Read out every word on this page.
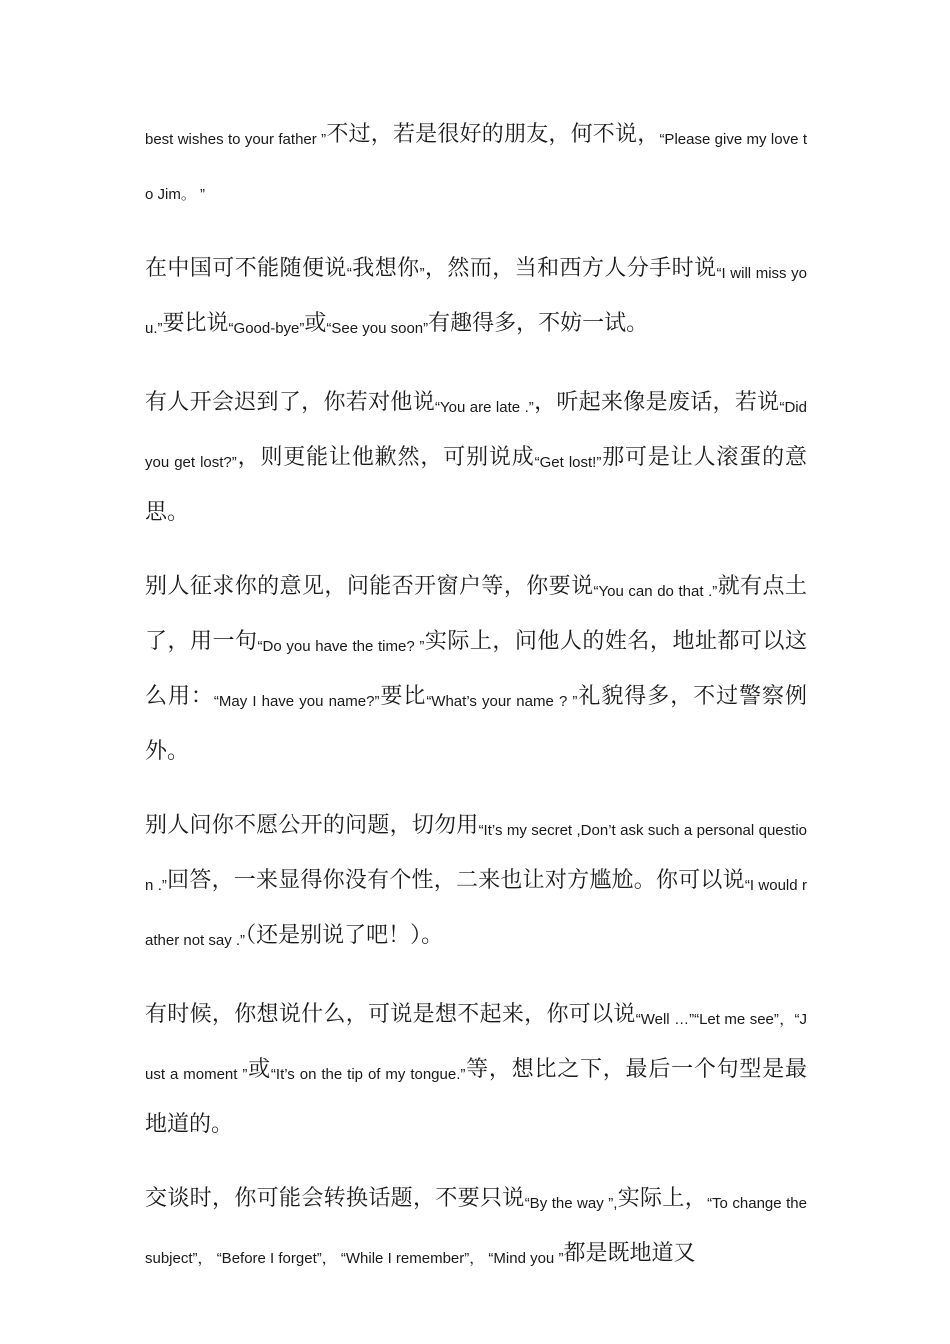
best wishes to your father ”不过，若是很好的朋友，何不说，“Please give my love to Jim。 ”

在中国可不能随便说“我想你”，然而，当和西方人分手时说“I will miss you.”要比说“Good-bye”或“See you soon”有趣得多，不妨一试。

有人开会迟到了，你若对他说“You are late .”，听起来像是废话，若说“Did you get lost?”，则更能让他歉然，可别说成“Get lost!”那可是让人滚蛋的意思。

别人征求你的意见，问能否开窗户等，你要说“You can do that .”就有点土了，用一句“Do you have the time? ”实际上，问他人的姓名，地址都可以这么用：“May I have you name?”要比“What’s your name ? ”礼貌得多，不过警察例外。

别人问你不愿公开的问题，切勿用“It’s my secret ,Don’t ask such a personal question .”回答，一来显得你没有个性，二来也让对方尴尬。你可以说“I would rather not say .”（还是别说了吧！）。

有时候，你想说什么，可说是想不起来，你可以说“Well …”“Let me see”，“Just a moment ”或“It’s on the tip of my tongue.”等，想比之下，最后一个句型是最地道的。

交谈时，你可能会转换话题，不要只说“By the way ”,实际上，“To change the subject”， “Before I forget”， “While I remember”， “Mind you ”都是既地道又
